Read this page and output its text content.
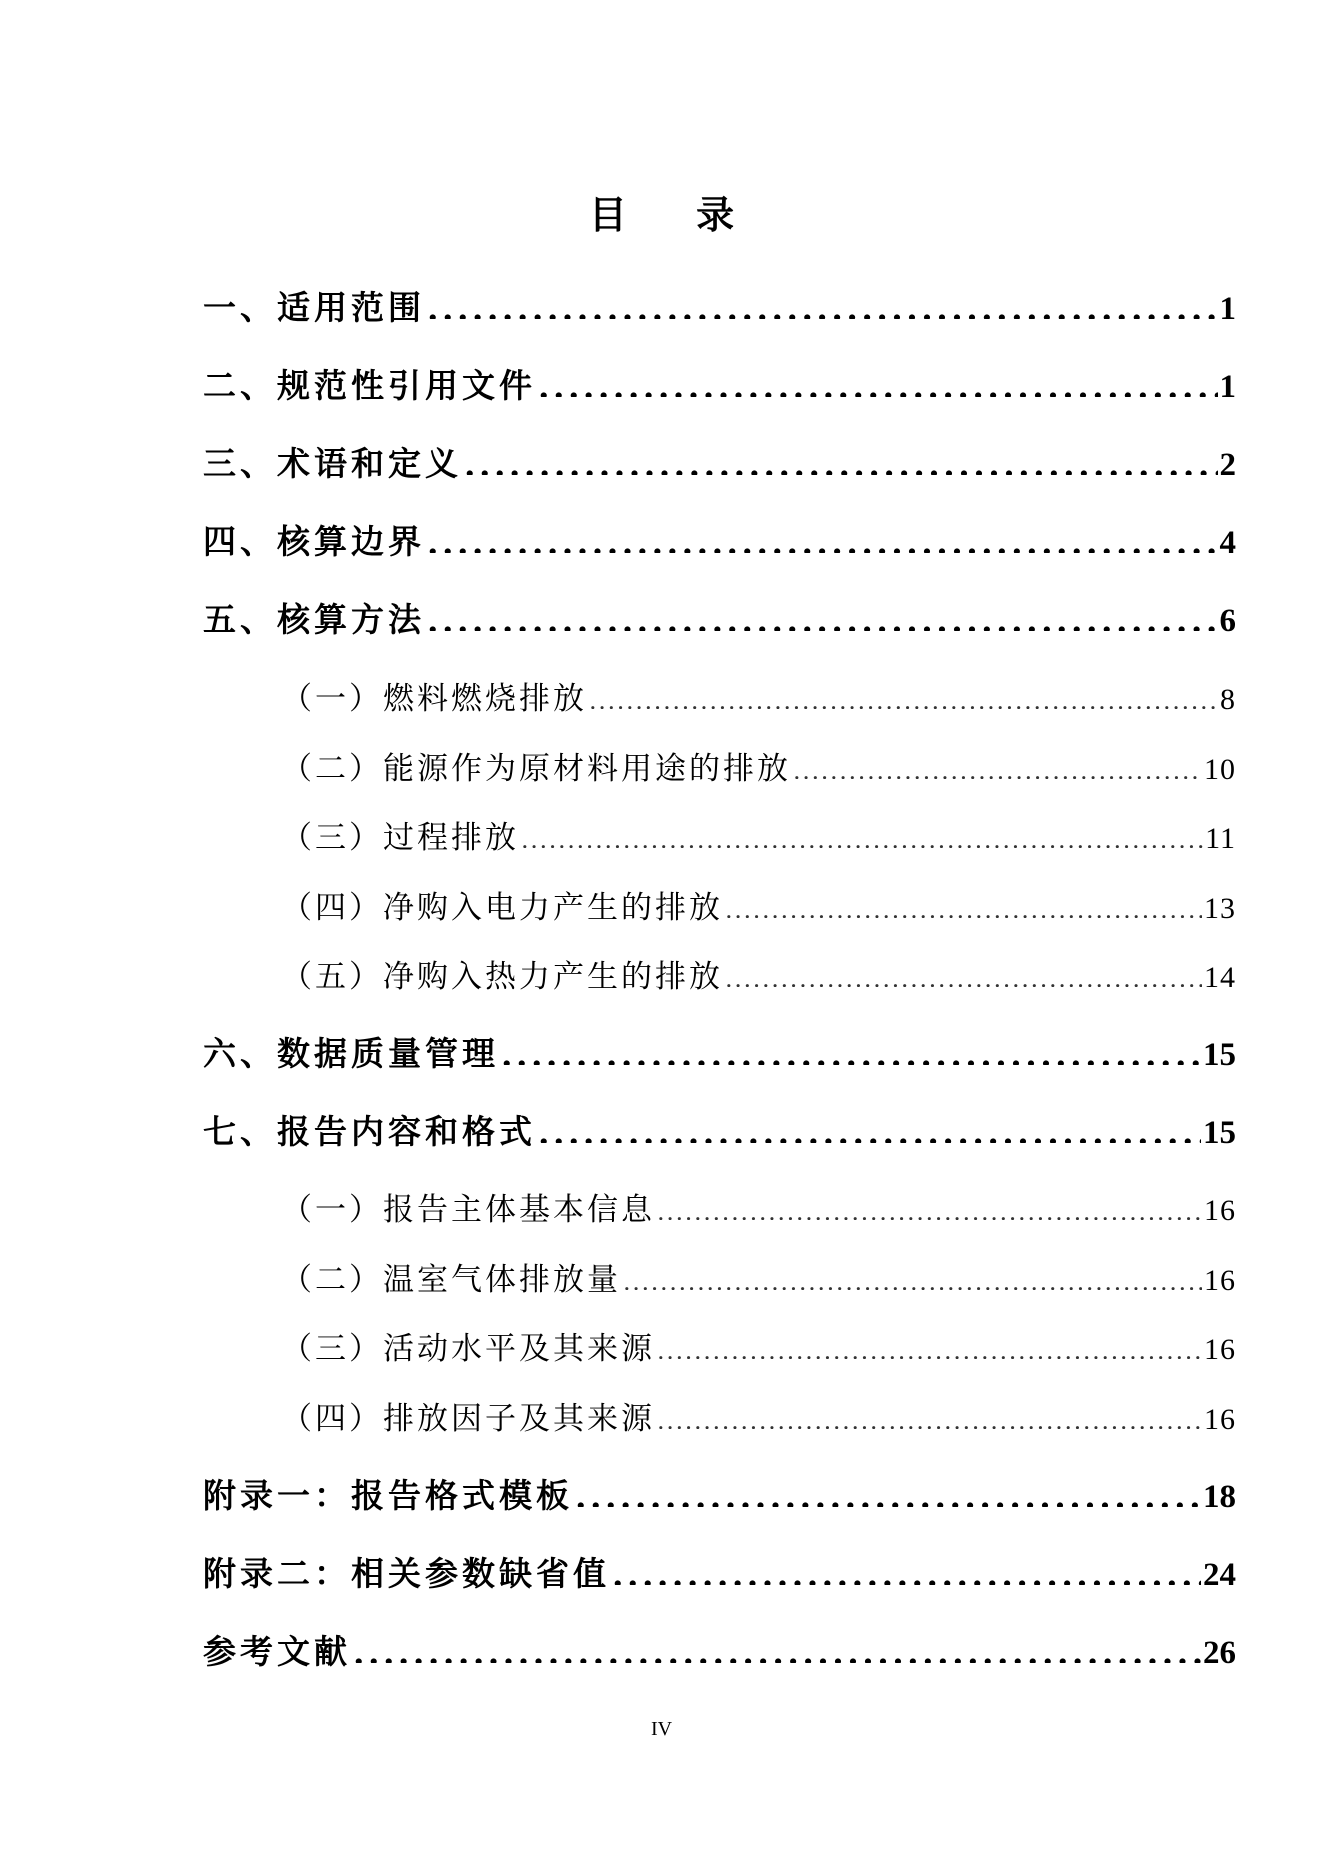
目 录
一、适用范围 . . .	1
二、规范性引用文件 . . .	1
三、术语和定义 . . .	2
四、核算边界 . . .	4
五、核算方法 . . .	6
（一）燃料燃烧排放 . . .	8
（二）能源作为原材料用途的排放 . . .	10
（三）过程排放 . . .	11
（四）净购入电力产生的排放 . . .	13
（五）净购入热力产生的排放 . . .	14
六、数据质量管理 . . .	15
七、报告内容和格式 . . .	15
（一）报告主体基本信息 . . .	16
（二）温室气体排放量 . . .	16
（三）活动水平及其来源 . . .	16
（四）排放因子及其来源 . . .	16
附录一：报告格式模板 . . .	18
附录二：相关参数缺省值 . . .	24
参考文献 . . .	26
IV
